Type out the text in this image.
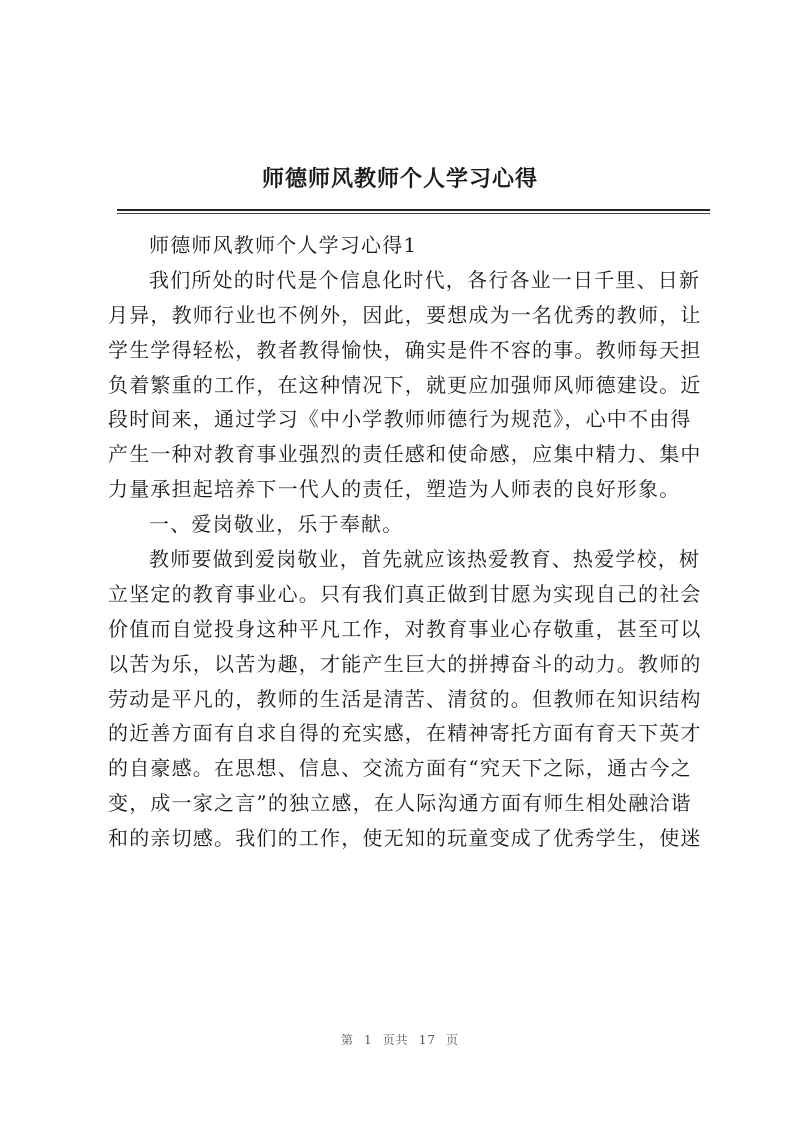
师德师风教师个人学习心得
师德师风教师个人学习心得1
我们所处的时代是个信息化时代，各行各业一日千里、日新
月异，教师行业也不例外，因此，要想成为一名优秀的教师，让
学生学得轻松，教者教得愉快，确实是件不容的事。教师每天担
负着繁重的工作，在这种情况下，就更应加强师风师德建设。近
段时间来，通过学习《中小学教师师德行为规范》，心中不由得
产生一种对教育事业强烈的责任感和使命感，应集中精力、集中
力量承担起培养下一代人的责任，塑造为人师表的良好形象。
一、爱岗敬业，乐于奉献。
教师要做到爱岗敬业，首先就应该热爱教育、热爱学校，树
立坚定的教育事业心。只有我们真正做到甘愿为实现自己的社会
价值而自觉投身这种平凡工作，对教育事业心存敬重，甚至可以
以苦为乐，以苦为趣，才能产生巨大的拼搏奋斗的动力。教师的
劳动是平凡的，教师的生活是清苦、清贫的。但教师在知识结构
的近善方面有自求自得的充实感，在精神寄托方面有育天下英才
的自豪感。在思想、信息、交流方面有“究天下之际，通古今之
变，成一家之言”的独立感，在人际沟通方面有师生相处融洽谐
和的亲切感。我们的工作，使无知的玩童变成了优秀学生，使迷
第 1 页共 17 页
